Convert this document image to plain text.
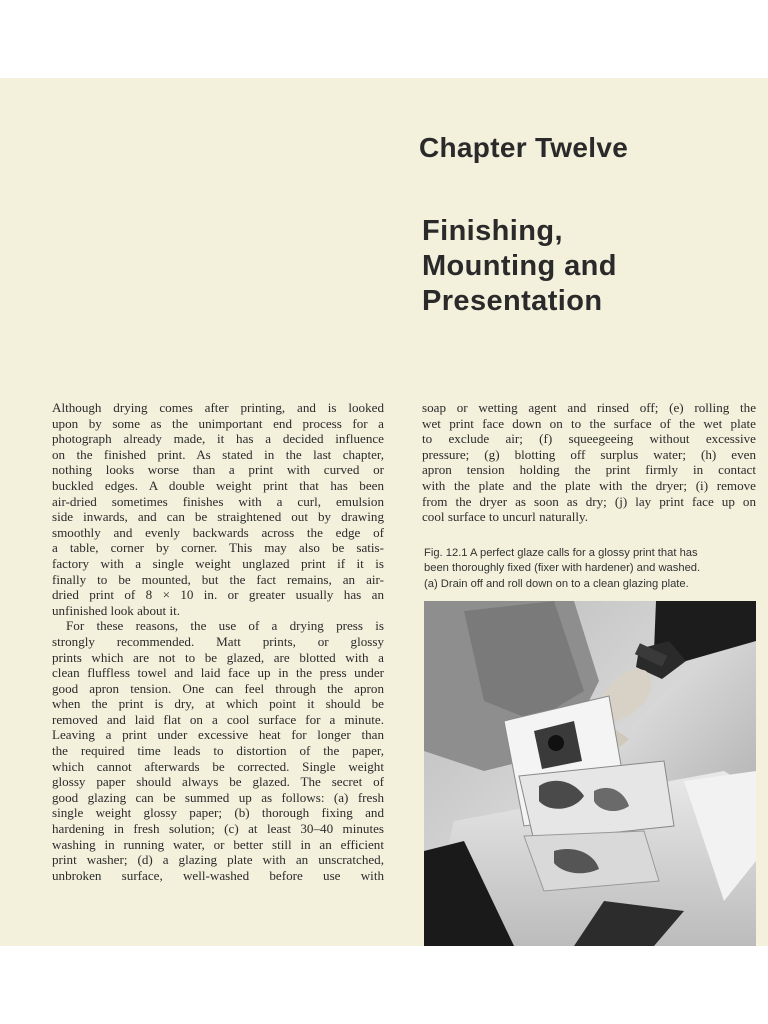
Chapter Twelve
Finishing,
Mounting and
Presentation
Although drying comes after printing, and is looked
upon by some as the unimportant end process for a
photograph already made, it has a decided influence
on the finished print. As stated in the last chapter,
nothing looks worse than a print with curved or
buckled edges. A double weight print that has been
air-dried sometimes finishes with a curl, emulsion
side inwards, and can be straightened out by drawing
smoothly and evenly backwards across the edge of
a table, corner by corner. This may also be satis-
factory with a single weight unglazed print if it is
finally to be mounted, but the fact remains, an air-
dried print of 8 × 10 in. or greater usually has an
unfinished look about it.
For these reasons, the use of a drying press is
strongly recommended. Matt prints, or glossy
prints which are not to be glazed, are blotted with a
clean fluffless towel and laid face up in the press under
good apron tension. One can feel through the apron
when the print is dry, at which point it should be
removed and laid flat on a cool surface for a minute.
Leaving a print under excessive heat for longer than
the required time leads to distortion of the paper,
which cannot afterwards be corrected. Single weight
glossy paper should always be glazed. The secret of
good glazing can be summed up as follows: (a) fresh
single weight glossy paper; (b) thorough fixing and
hardening in fresh solution; (c) at least 30–40 minutes
washing in running water, or better still in an efficient
print washer; (d) a glazing plate with an unscratched,
unbroken surface, well-washed before use with
soap or wetting agent and rinsed off; (e) rolling the
wet print face down on to the surface of the wet plate
to exclude air; (f) squeegeeing without excessive
pressure; (g) blotting off surplus water; (h) even
apron tension holding the print firmly in contact
with the plate and the plate with the dryer; (i) remove
from the dryer as soon as dry; (j) lay print face up on
cool surface to uncurl naturally.
Fig. 12.1 A perfect glaze calls for a glossy print that has
been thoroughly fixed (fixer with hardener) and washed.
(a) Drain off and roll down on to a clean glazing plate.
